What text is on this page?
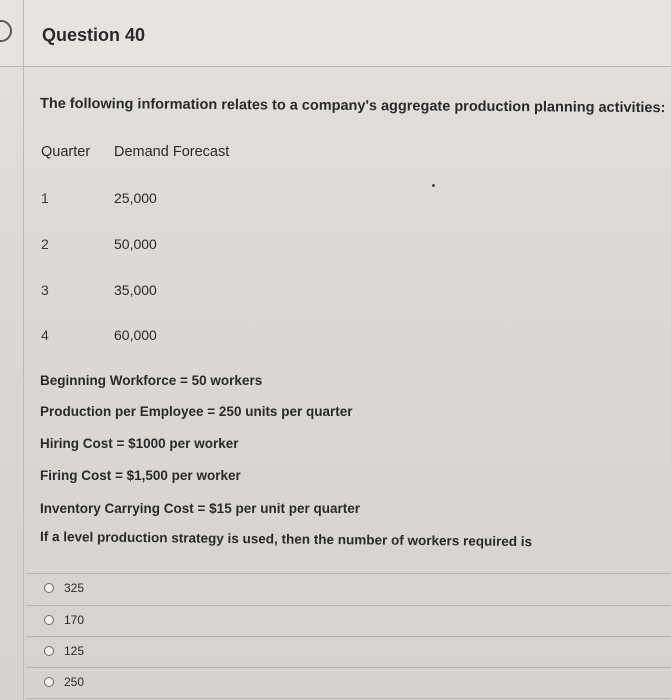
Question 40
The following information relates to a company's aggregate production planning activities:
Quarter Demand Forecast
1	25,000
2	50,000
3	35,000
4	60,000
Beginning Workforce = 50 workers
Production per Employee = 250 units per quarter
Hiring Cost = $1000 per worker
Firing Cost = $1,500 per worker
Inventory Carrying Cost = $15 per unit per quarter
If a level production strategy is used, then the number of workers required is
325
170
125
250
